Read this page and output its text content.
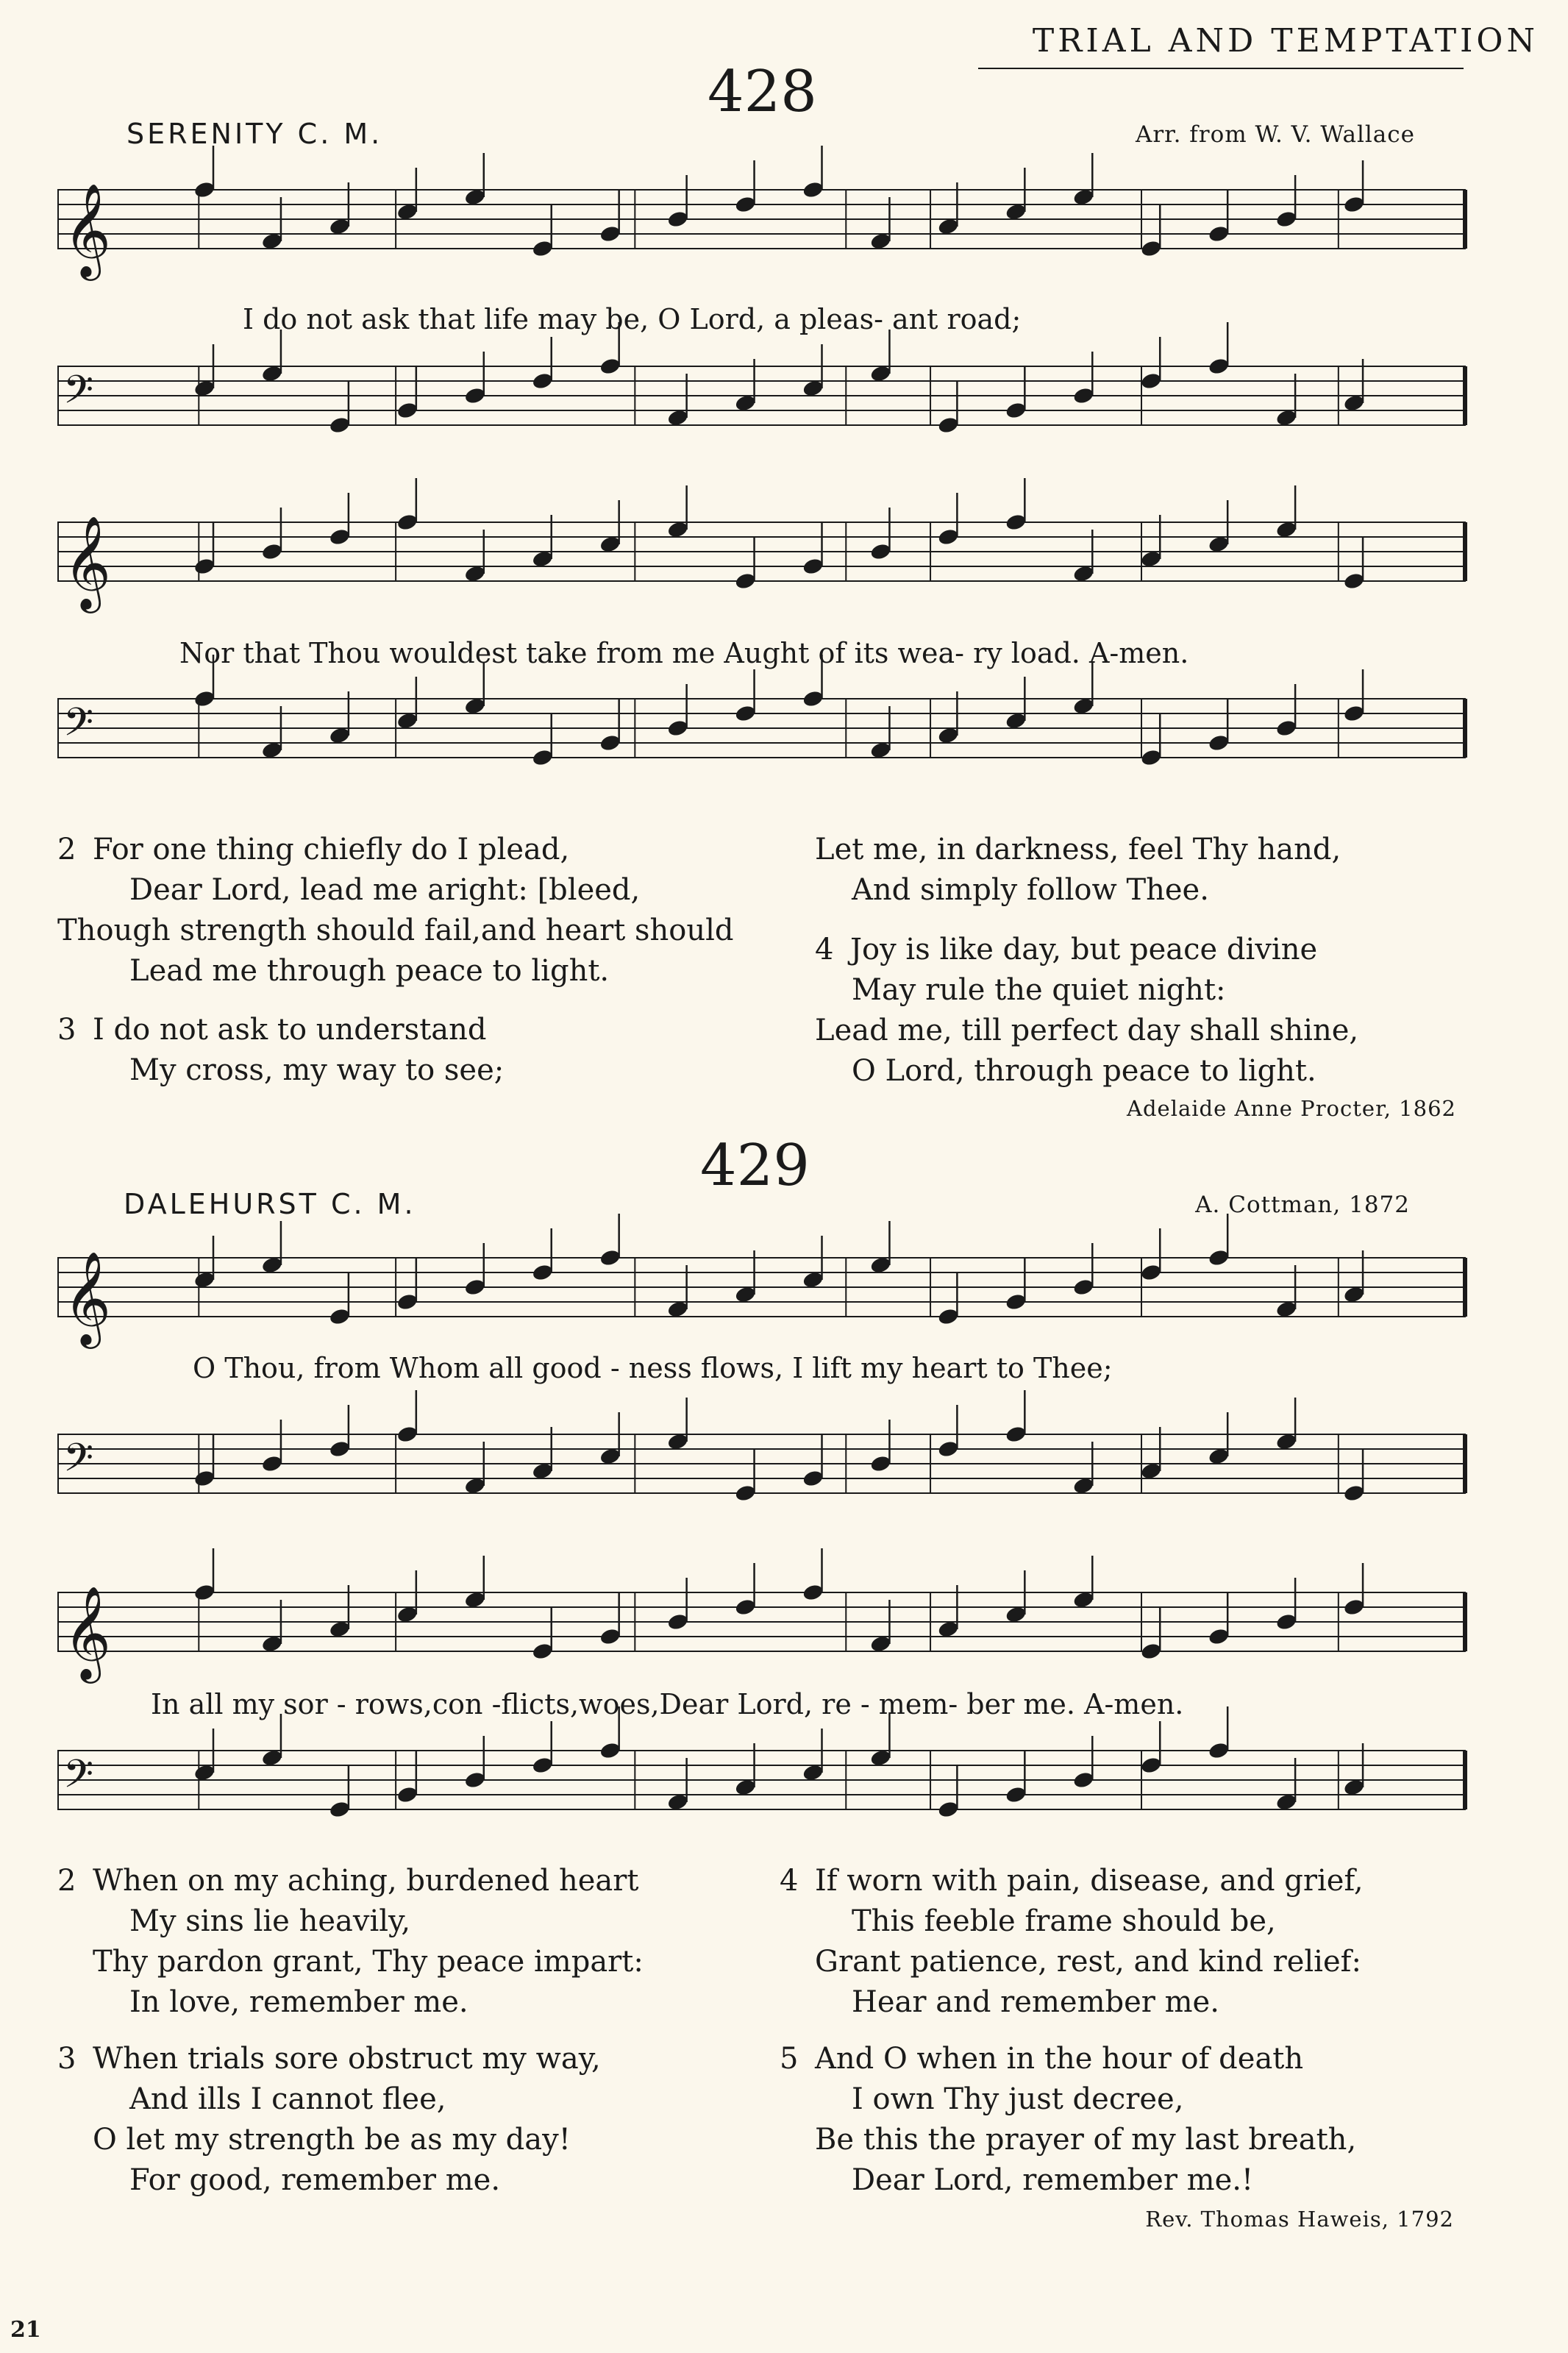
TRIAL AND TEMPTATION
428
SERENITY C. M.	Arr. from W. V. Wallace
𝄞
𝄢
I do not ask that life may be, O Lord, a pleas- ant road;
𝄞
𝄢
Nor that Thou wouldest take from me Aught of its wea- ry load. A-men.
2 For one thing chiefly do I plead,
Dear Lord, lead me aright: [bleed,
Though strength should fail,and heart should
Lead me through peace to light.
3 I do not ask to understand
My cross, my way to see;
Let me, in darkness, feel Thy hand,
And simply follow Thee.
4 Joy is like day, but peace divine
May rule the quiet night:
Lead me, till perfect day shall shine,
O Lord, through peace to light.
Adelaide Anne Procter, 1862
429
DALEHURST C. M.	A. Cottman, 1872
𝄞
𝄢
O Thou, from Whom all good - ness flows, I lift my heart to Thee;
𝄞
𝄢
In all my sor - rows,con -flicts,woes,Dear Lord, re - mem- ber me. A-men.
2 When on my aching, burdened heart
My sins lie heavily,
Thy pardon grant, Thy peace impart:
In love, remember me.
3 When trials sore obstruct my way,
And ills I cannot flee,
O let my strength be as my day!
For good, remember me.
4 If worn with pain, disease, and grief,
This feeble frame should be,
Grant patience, rest, and kind relief:
Hear and remember me.
5 And O when in the hour of death
I own Thy just decree,
Be this the prayer of my last breath,
Dear Lord, remember me.!
Rev. Thomas Haweis, 1792
21
